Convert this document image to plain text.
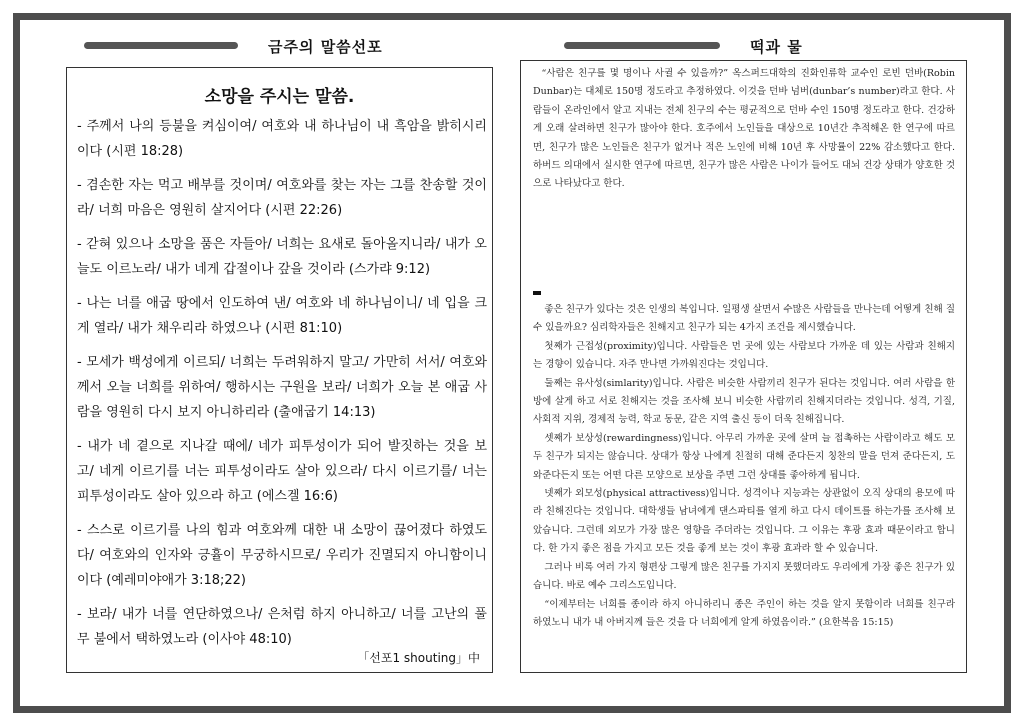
금주의 말씀선포	떡과 물
소망을 주시는 말씀.
- 주께서 나의 등불을 켜심이여/ 여호와 내 하나님이 내 흑암을 밝히시리이다 (시편 18:28)
- 겸손한 자는 먹고 배부를 것이며/ 여호와를 찾는 자는 그를 찬송할 것이라/ 너희 마음은 영원히 살지어다 (시편 22:26)
- 갇혀 있으나 소망을 품은 자들아/ 너희는 요새로 돌아올지니라/ 내가 오늘도 이르노라/ 내가 네게 갑절이나 갚을 것이라 (스가랴 9:12)
- 나는 너를 애굽 땅에서 인도하여 낸/ 여호와 네 하나님이니/ 네 입을 크게 열라/ 내가 채우리라 하였으나 (시편 81:10)
- 모세가 백성에게 이르되/ 너희는 두려워하지 말고/ 가만히 서서/ 여호와께서 오늘 너희를 위하여/ 행하시는 구원을 보라/ 너희가 오늘 본 애굽 사람을 영원히 다시 보지 아니하리라 (출애굽기 14:13)
- 내가 네 곁으로 지나갈 때에/ 네가 피투성이가 되어 발짓하는 것을 보고/ 네게 이르기를 너는 피투성이라도 살아 있으라/ 다시 이르기를/ 너는 피투성이라도 살아 있으라 하고 (에스겔 16:6)
- 스스로 이르기를 나의 힘과 여호와께 대한 내 소망이 끊어졌다 하였도다/ 여호와의 인자와 긍휼이 무궁하시므로/ 우리가 진멸되지 아니함이니이다 (예레미야애가 3:18;22)
- 보라/ 내가 너를 연단하였으나/ 은처럼 하지 아니하고/ 너를 고난의 풀무 불에서 택하였노라 (이사야 48:10)
「선포1 shouting」中

“사람은 친구를 몇 명이나 사귈 수 있을까?” 옥스퍼드대학의 진화인류학 교수인 로빈 던바(Robin Dunbar)는 대체로 150명 정도라고 추정하였다. 이것을 던바 넘버(dunbar’s number)라고 한다. 사람들이 온라인에서 알고 지내는 전체 친구의 수는 평균적으로 던바 수인 150명 정도라고 한다. 건강하게 오래 살려하면 친구가 많아야 한다. 호주에서 노인들을 대상으로 10년간 추적해온 한 연구에 따르면, 친구가 많은 노인들은 친구가 없거나 적은 노인에 비해 10년 후 사망률이 22% 감소했다고 한다. 하버드 의대에서 실시한 연구에 따르면, 친구가 많은 사람은 나이가 들어도 대뇌 건강 상태가 양호한 것으로 나타났다고 한다.

좋은 친구가 있다는 것은 인생의 복입니다. 일평생 살면서 수많은 사람들을 만나는데 어떻게 친해 질 수 있을까요? 심리학자들은 친해지고 친구가 되는 4가지 조건을 제시했습니다.

첫째가 근접성(proximity)입니다. 사람들은 먼 곳에 있는 사람보다 가까운 데 있는 사람과 친해지는 경향이 있습니다. 자주 만나면 가까워진다는 것입니다.

둘째는 유사성(simlarity)입니다. 사람은 비슷한 사람끼리 친구가 된다는 것입니다. 여러 사람을 한 방에 살게 하고 서로 친해지는 것을 조사해 보니 비슷한 사람끼리 친해지더라는 것입니다. 성격, 기질, 사회적 지위, 경제적 능력, 학교 동문, 같은 지역 출신 등이 더욱 친해집니다.

셋째가 보상성(rewardingness)입니다. 아무리 가까운 곳에 살며 늘 접촉하는 사람이라고 해도 모두 친구가 되지는 않습니다. 상대가 항상 나에게 친절히 대해 준다든지 칭찬의 말을 던져 준다든지, 도와준다든지 또는 어떤 다른 모양으로 보상을 주면 그런 상대를 좋아하게 됩니다.

넷째가 외모성(physical attractivess)입니다. 성격이나 지능과는 상관없이 오직 상대의 용모에 따라 친해진다는 것입니다. 대학생들 남녀에게 댄스파티를 열게 하고 다시 데이트를 하는가를 조사해 보았습니다. 그런데 외모가 가장 많은 영향을 주더라는 것입니다. 그 이유는 후광 효과 때문이라고 합니다. 한 가지 좋은 점을 가지고 모든 것을 좋게 보는 것이 후광 효과라 할 수 있습니다.

그러나 비록 여러 가지 형편상 그렇게 많은 친구를 가지지 못했더라도 우리에게 가장 좋은 친구가 있습니다. 바로 예수 그리스도입니다.

“이제부터는 너희를 종이라 하지 아니하리니 종은 주인이 하는 것을 알지 못함이라 너희를 친구라 하였노니 내가 내 아버지께 들은 것을 다 너희에게 알게 하였음이라.” (요한복음 15:15)
